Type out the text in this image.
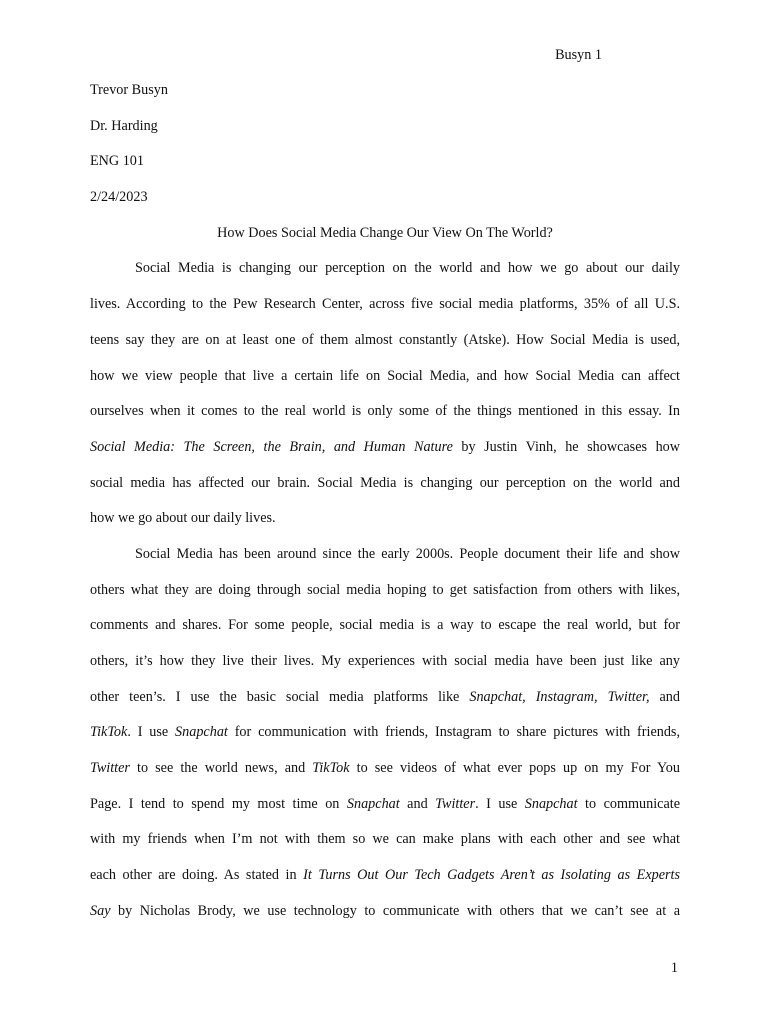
Busyn 1
Trevor Busyn
Dr. Harding
ENG 101
2/24/2023
How Does Social Media Change Our View On The World?
Social Media is changing our perception on the world and how we go about our daily
lives. According to the Pew Research Center, across five social media platforms, 35% of all U.S.
teens say they are on at least one of them almost constantly (Atske). How Social Media is used,
how we view people that live a certain life on Social Media, and how Social Media can affect
ourselves when it comes to the real world is only some of the things mentioned in this essay. In
Social Media: The Screen, the Brain, and Human Nature by Justin Vinh, he showcases how
social media has affected our brain. Social Media is changing our perception on the world and
how we go about our daily lives.
Social Media has been around since the early 2000s. People document their life and show
others what they are doing through social media hoping to get satisfaction from others with likes,
comments and shares. For some people, social media is a way to escape the real world, but for
others, it’s how they live their lives. My experiences with social media have been just like any
other teen’s. I use the basic social media platforms like Snapchat, Instagram, Twitter, and
TikTok. I use Snapchat for communication with friends, Instagram to share pictures with friends,
Twitter to see the world news, and TikTok to see videos of what ever pops up on my For You
Page. I tend to spend my most time on Snapchat and Twitter. I use Snapchat to communicate
with my friends when I’m not with them so we can make plans with each other and see what
each other are doing. As stated in It Turns Out Our Tech Gadgets Aren’t as Isolating as Experts
Say by Nicholas Brody, we use technology to communicate with others that we can’t see at a
1
